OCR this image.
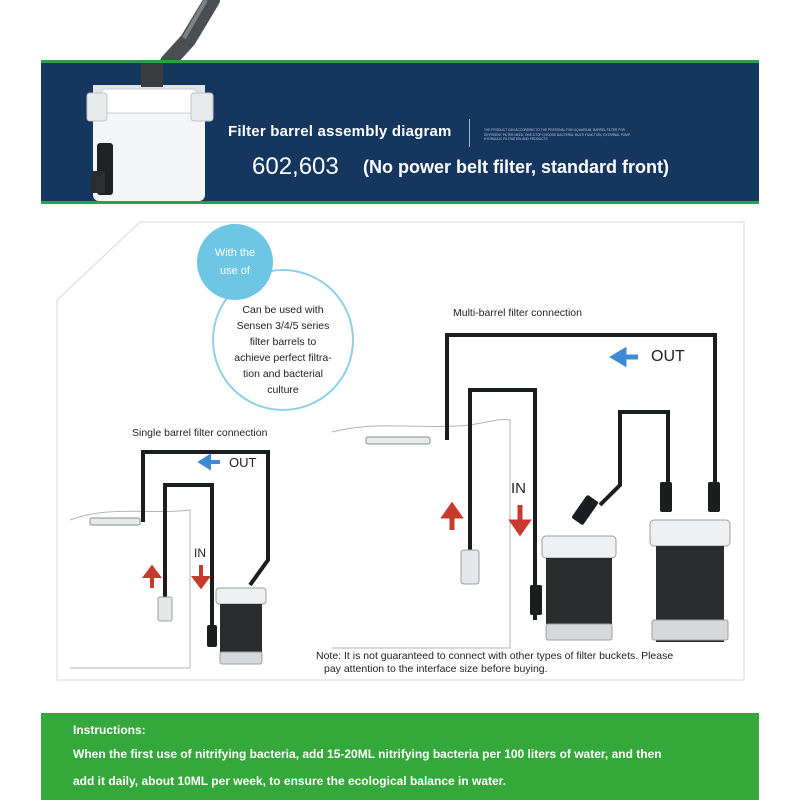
Filter barrel assembly diagram	THE PRODUCT CAN ACCORDING TO THE PERSONAL FISH AQUARIUM, BARREL FILTER FOR DIFFERENT FILTER NEED, ONE-STOP CHOOSE BACTERIA; MULTI FUNCTION, EXTERNAL PUMP, HYDRAULIC FILTRATION AND PRODUCTS
602,603 (No power belt filter, standard front)
With the
use of
Can be used with
Sensen 3/4/5 series
filter barrels to
achieve perfect filtra-
tion and bacterial
culture
Single barrel filter connection
OUT
IN
Multi-barrel filter connection
OUT
IN
Note: It is not guaranteed to connect with other types of filter buckets. Please
pay attention to the interface size before buying.
Instructions:
When the first use of nitrifying bacteria, add 15-20ML nitrifying bacteria per 100 liters of water, and then
add it daily, about 10ML per week, to ensure the ecological balance in water.
